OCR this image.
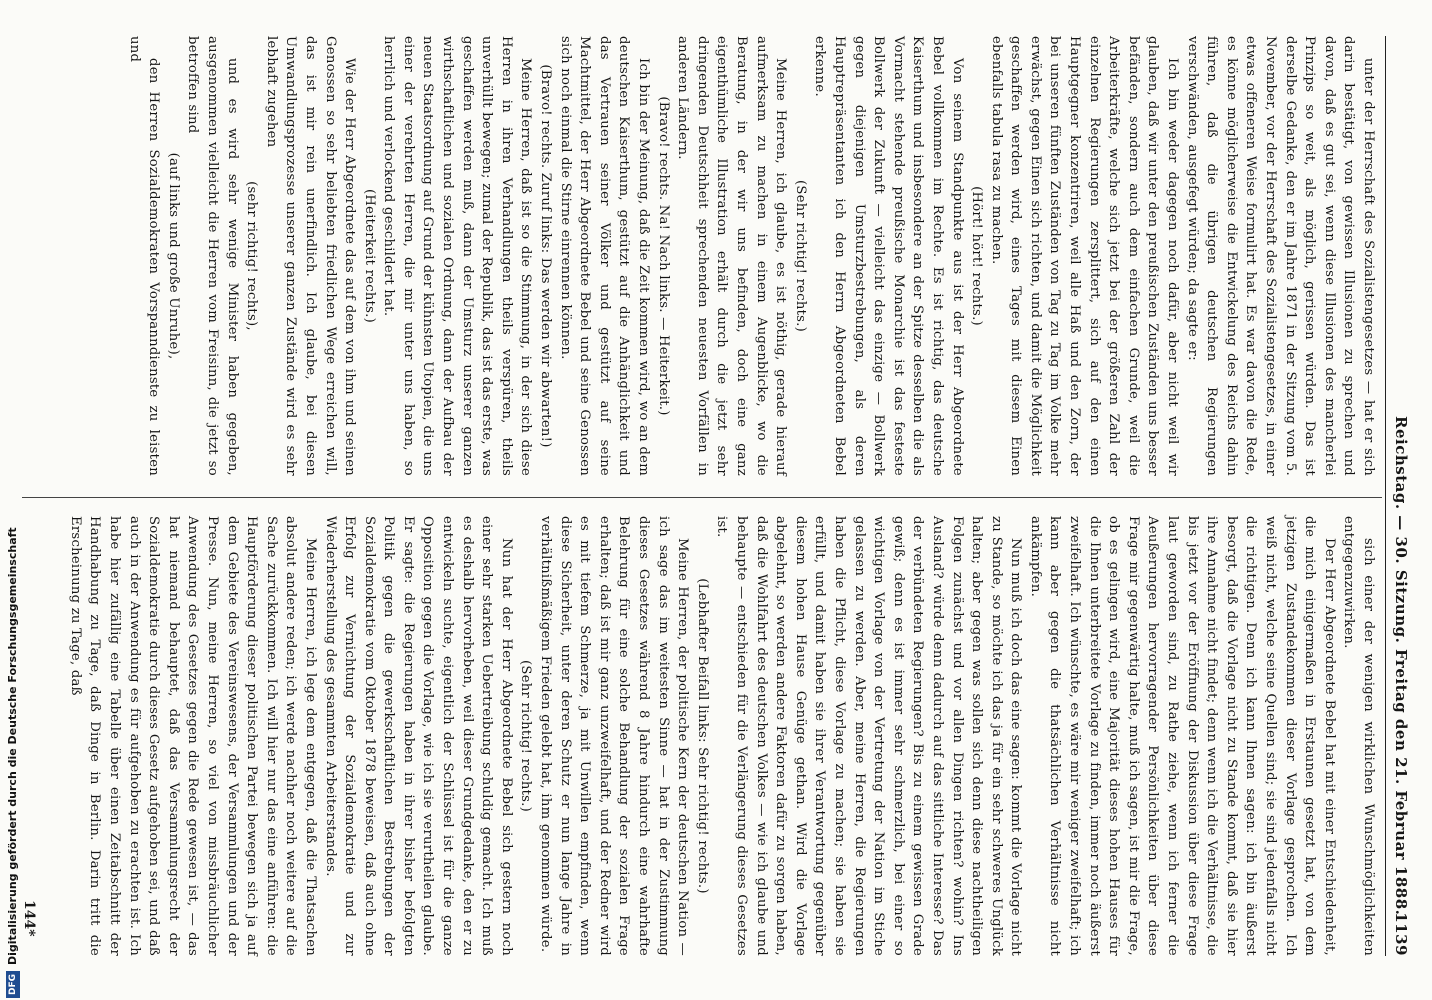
Reichstag. — 30. Sitzung. Freitag den 21. Februar 1888.
1139

unter der Herrschaft des Sozialistengesetzes — hat er sich darin bestätigt, von gewissen Illusionen zu sprechen und davon, daß es gut sei, wenn diese Illusionen des mancherlei Prinzips so weit, als möglich, gerissen würden. Das ist derselbe Gedanke, den er im Jahre 1871 in der Sitzung vom 5. November, vor der Herrschaft des Sozialistengesetzes, in einer etwas offeneren Weise formulirt hat. Es war davon die Rede, es könne möglicherweise die Entwickelung des Reichs dahin führen, daß die übrigen deutschen Regierungen verschwänden, ausgefegt würden; da sagte er:

Ich bin weder dagegen noch dafür, aber nicht weil wir glauben, daß wir unter den preußischen Zuständen uns besser befänden, sondern auch dem einfachen Grunde, weil die Arbeiterkräfte, welche sich jetzt bei der größeren Zahl der einzelnen Regierungen zersplittert, sich auf den einen Hauptgegner konzentriren, weil alle Haß und den Zorn, der bei unseren fünften Zuständen von Tag zu Tag im Volke mehr erwächst, gegen Einen sich richten, und damit die Möglichkeit geschaffen werden wird, eines Tages mit diesem Einen ebenfalls tabula rasa zu machen.

(Hört! hört! rechts.)

Von seinem Standpunkte aus ist der Herr Abgeordnete Bebel vollkommen im Rechte. Es ist richtig, das deutsche Kaiserthum und insbesondere an der Spitze desselben die als Vormacht stehende preußische Monarchie ist das festeste Bollwerk der Zukunft — vielleicht das einzige — Bollwerk gegen diejenigen Umsturzbestrebungen, als deren Hauptrepräsentanten ich den Herrn Abgeordneten Bebel erkenne.

(Sehr richtig! rechts.)

Meine Herren, ich glaube, es ist nöthig, gerade hierauf aufmerksam zu machen in einem Augenblicke, wo die Beratung, in der wir uns befinden, doch eine ganz eigenthümliche Illustration erhält durch die jetzt sehr dringenden Deutschheit sprechenden neuesten Vorfällen in anderen Ländern.

(Bravo! rechts. Na! Nach links. — Heiterkeit.)

Ich bin der Meinung, daß die Zeit kommen wird, wo an dem deutschen Kaiserthum, gestützt auf die Anhänglichkeit und das Vertrauen seiner Völker und gestützt auf seine Machtmittel, der Herr Abgeordnete Bebel und seine Genossen sich noch einmal die Stirne einrennen können.

(Bravo! rechts. Zuruf links: Das werden wir abwarten!)

Meine Herren, daß ist so die Stimmung, in der sich diese Herren in ihren Verhandlungen theils verspüren, theils unverhüllt bewegen; zumal der Republik, das ist das erste, was geschaffen werden muß, dann der Umsturz unserer ganzen wirthschaftlichen und sozialen Ordnung, dann der Aufbau der neuen Staatsordnung auf Grund der kühnsten Utopien, die uns einer der verehrten Herren, die mir unter uns haben, so herrlich und verlockend geschildert hat.

(Heiterkeit rechts.)

Wie der Herr Abgeordnete das auf dem von ihm und seinen Genossen so sehr beliebten friedlichen Wege erreichen will, das ist mir rein unerfindlich. Ich glaube, bei diesen Umwandlungsprozesse unserer ganzen Zustände wird es sehr lebhaft zugehen

(sehr richtig! rechts),

und es wird sehr wenige Minister haben gegeben, ausgenommen vielleicht die Herren vom Freisinn, die jetzt so betroffen sind

(auf links und große Unruhe),

den Herren Sozialdemokraten Vorspanndienste zu leisten und

sich einer der wenigen wirklichen Wunschmöglichkeiten entgegenzuwirken.

Der Herr Abgeordnete Bebel hat mit einer Entschiedenheit, die mich einigermaßen in Erstaunen gesetzt hat, von dem jetzigen Zustandekommen dieser Vorlage gesprochen. Ich weiß nicht, welche seine Quellen sind; sie sind jedenfalls nicht die richtigen. Denn ich kann Ihnen sagen: ich bin äußerst besorgt, daß die Vorlage nicht zu Stande kommt, daß sie hier ihre Annahme nicht findet; denn wenn ich die Verhältnisse, die bis jetzt vor der Eröffnung der Diskussion über diese Frage laut geworden sind, zu Rathe ziehe, wenn ich ferner die Aeußerungen hervorragender Persönlichkeiten über diese Frage mir gegenwärtig halte, muß ich sagen, ist mir die Frage, ob es gelingen wird, eine Majorität dieses hohen Hauses für die Ihnen unterbreitete Vorlage zu finden, immer noch äußerst zweifelhaft. Ich wünschte, es wäre mir weniger zweifelhaft; ich kann aber gegen die thatsächlichen Verhältnisse nicht ankämpfen.

Nun muß ich doch das eine sagen: kommt die Vorlage nicht zu Stande, so möchte ich das ja für ein sehr schweres Unglück halten; aber gegen was sollen sich denn diese nachtheiligen Folgen zunächst und vor allen Dingen richten? wohin? Ins Ausland? würde denn dadurch auf das sittliche Interesse? Das der verbündeten Regierungen? Bis zu einem gewissen Grade gewiß; denn es ist immer sehr schmerzlich, bei einer so wichtigen Vorlage von der Vertretung der Nation im Stiche gelassen zu werden. Aber, meine Herren, die Regierungen haben die Pflicht, diese Vorlage zu machen; sie haben sie erfüllt, und damit haben sie ihrer Verantwortung gegenüber diesem hohen Hause Genüge gethan. Wird die Vorlage abgelehnt, so werden andere Faktoren dafür zu sorgen haben, daß die Wohlfahrt des deutschen Volkes — wie ich glaube und behaupte — entschieden für die Verlängerung dieses Gesetzes ist.

(Lebhafter Beifall links: Sehr richtig! rechts.)

Meine Herren, der politische Kern der deutschen Nation — ich sage das im weitesten Sinne — hat in der Zustimmung dieses Gesetzes während 8 Jahre hindurch eine wahrhafte Belehrung für eine solche Behandlung der sozialen Frage erhalten; daß ist mir ganz unzweifelhaft, und der Redner wird es mit tiefem Schmerze, ja mit Unwillen empfinden, wenn diese Sicherheit, unter deren Schutz er nun lange Jahre in verhältnißmäßigem Frieden gelebt hat, ihm genommen würde.

(Sehr richtig! rechts.)

Nun hat der Herr Abgeordnete Bebel sich gestern noch einer sehr starken Uebertreibung schuldig gemacht. Ich muß es deshalb hervorheben, weil dieser Grundgedanke, den er zu entwickeln suchte, eigentlich der Schlüssel ist für die ganze Opposition gegen die Vorlage, wie ich sie verurtheilen glaube. Er sagte: die Regierungen haben in ihrer bisher befolgten Politik gegen die gewerkschaftlichen Bestrebungen der Sozialdemokratie vom Oktober 1878 beweisen, daß auch ohne Erfolg zur Vernichtung der Sozialdemokratie und zur Wiederherstellung des gesammten Arbeiterstandes.

Meine Herren, ich lege dem entgegen, daß die Thatsachen absolut andere reden; ich werde nachher noch weitere auf die Sache zurückkommen. Ich will hier nur das eine anführen: die Hauptförderung dieser politischen Partei bewegen sich ja auf dem Gebiete des Vereinswesens, der Versammlungen und der Presse. Nun, meine Herren, so viel von missbräuchlicher Anwendung des Gesetzes gegen die Rede gewesen ist, — das hat niemand behauptet, daß das Versammlungsrecht der Sozialdemokratie durch dieses Gesetz aufgehoben sei, und daß auch in der Anwendung es für aufgehoben zu erachten ist. Ich habe hier zufällig eine Tabelle über einen Zeitabschnitt der Handhabung zu Tage, daß Dinge in Berlin. Darin tritt die Erscheinung zu Tage, daß

144*
DFGDigitalisierung gefördert durch die Deutsche Forschungsgemeinschaft
